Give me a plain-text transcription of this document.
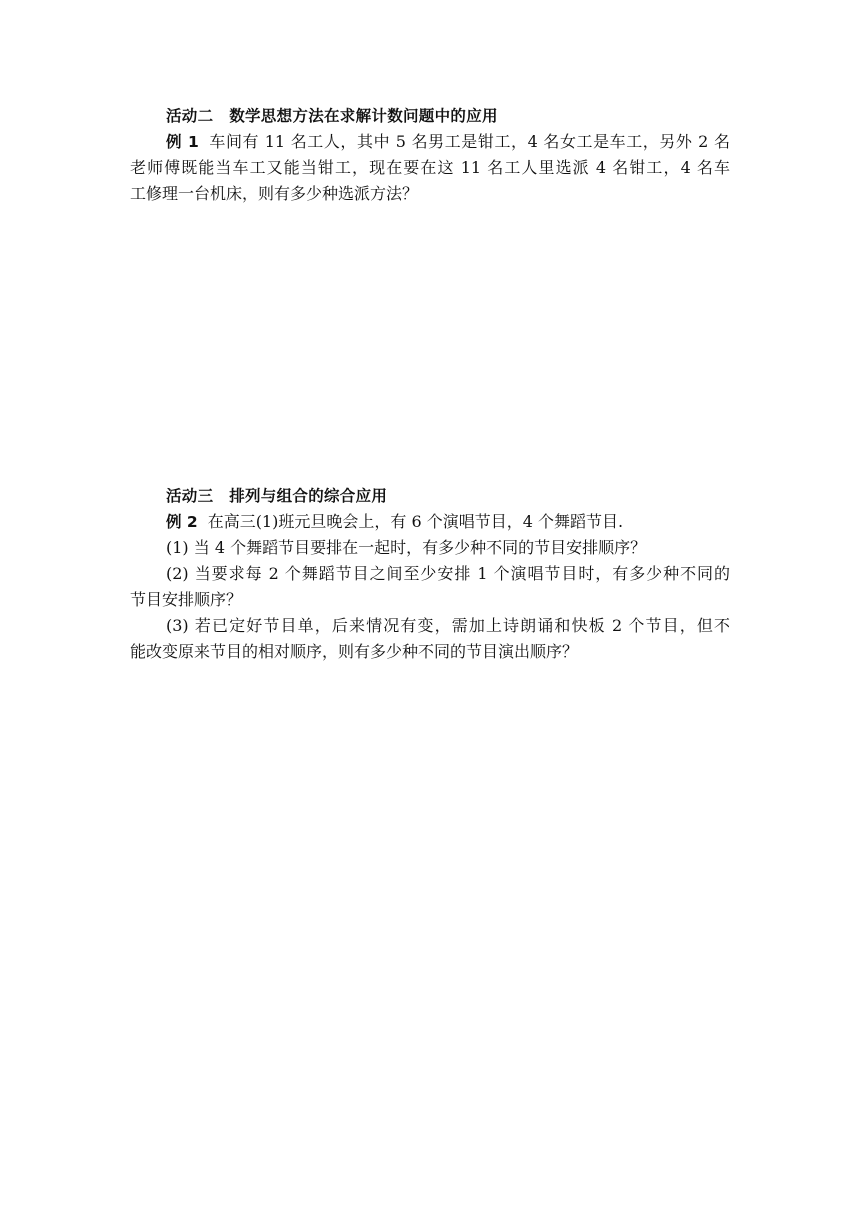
活动二　数学思想方法在求解计数问题中的应用
例 1 车间有 11 名工人，其中 5 名男工是钳工，4 名女工是车工，另外 2 名
老师傅既能当车工又能当钳工，现在要在这 11 名工人里选派 4 名钳工，4 名车
工修理一台机床，则有多少种选派方法？
活动三　排列与组合的综合应用
例 2 在高三(1)班元旦晚会上，有 6 个演唱节目，4 个舞蹈节目.
(1) 当 4 个舞蹈节目要排在一起时，有多少种不同的节目安排顺序？
(2) 当要求每 2 个舞蹈节目之间至少安排 1 个演唱节目时，有多少种不同的
节目安排顺序？
(3) 若已定好节目单，后来情况有变，需加上诗朗诵和快板 2 个节目，但不
能改变原来节目的相对顺序，则有多少种不同的节目演出顺序？
